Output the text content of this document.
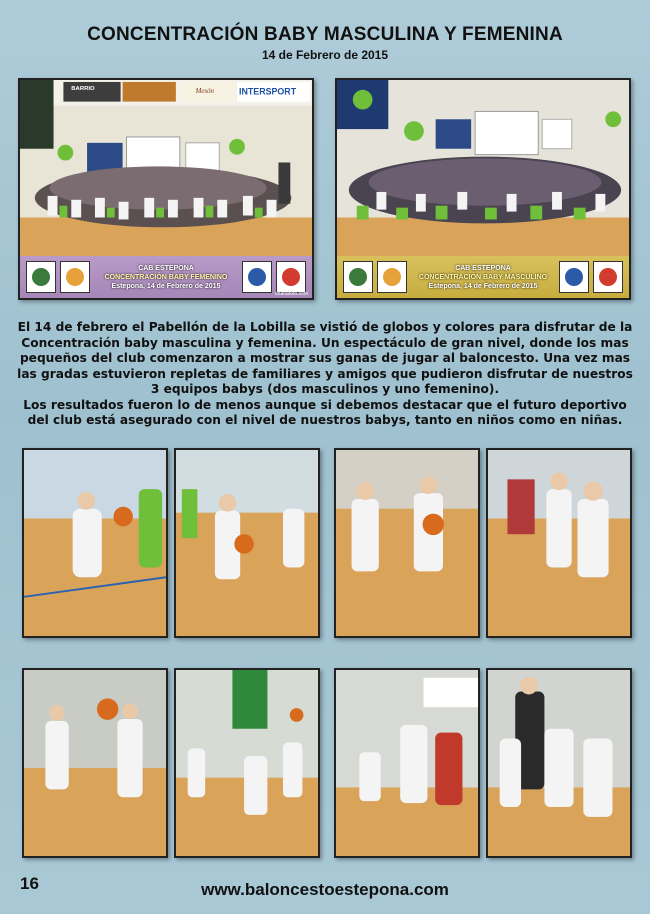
CONCENTRACIÓN BABY MASCULINA Y FEMENINA
14 de Febrero de 2015
BARRIO	Mesón	INTERSPORT
CAB ESTEPONA
CONCENTRACIÓN BABY FEMENINO
Estepona, 14 de Febrero de 2015
ohanafoto.com
CAB ESTEPONA
CONCENTRACIÓN BABY MASCULINO
Estepona, 14 de Febrero de 2015
El 14 de febrero el Pabellón de la Lobilla se vistió de globos y colores para disfrutar de la Concentración baby masculina y femenina. Un espectáculo de gran nivel, donde los mas pequeños del club comenzaron a mostrar sus ganas de jugar al baloncesto. Una vez mas las gradas estuvieron repletas de familiares y amigos que pudieron disfrutar de nuestros 3 equipos babys (dos masculinos y uno femenino).
Los resultados fueron lo de menos aunque si debemos destacar que el futuro deportivo del club está asegurado con el nivel de nuestros babys, tanto en niños como en niñas.
16	www.baloncestoestepona.com
